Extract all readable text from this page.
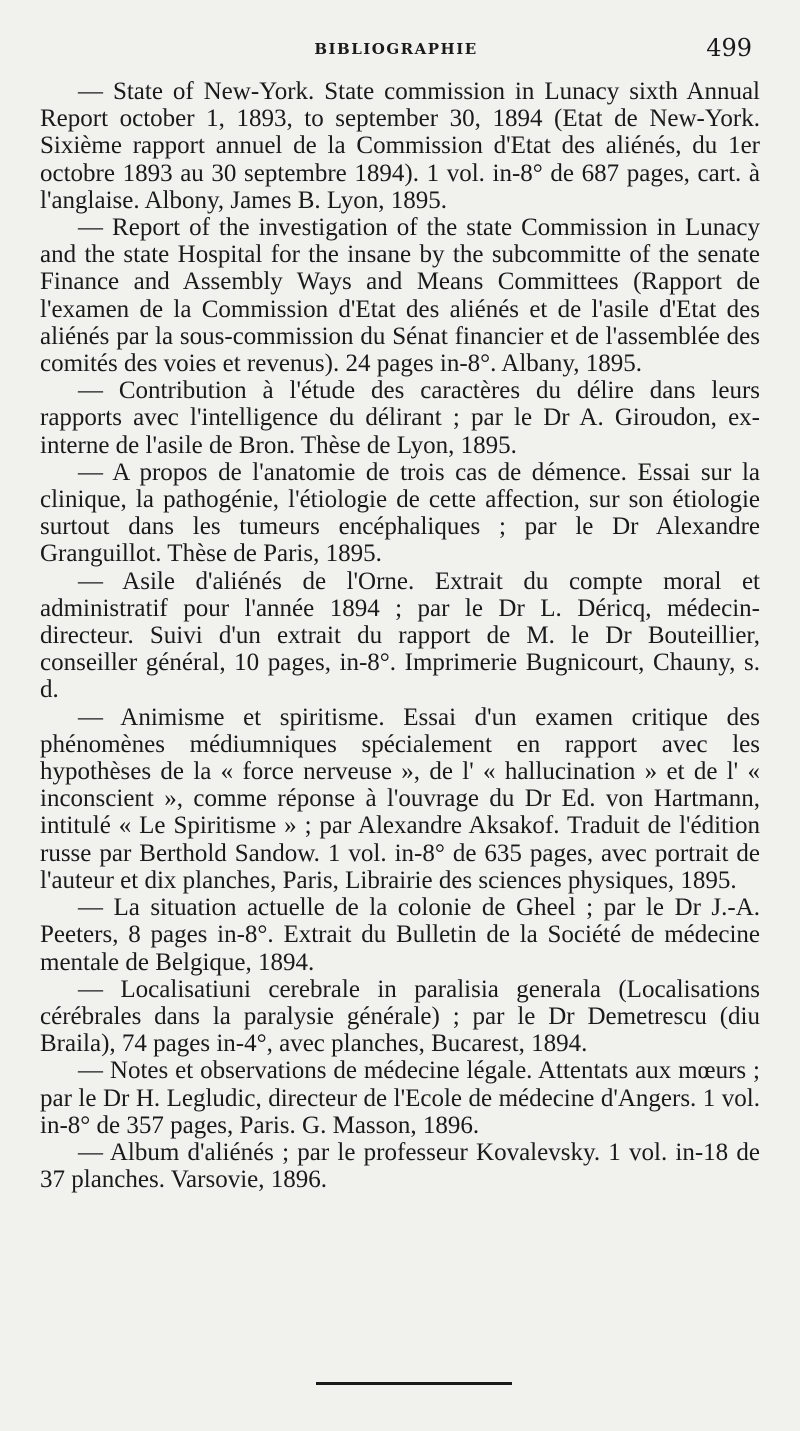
BIBLIOGRAPHIE	499

— State of New-York. State commission in Lunacy sixth Annual Report october 1, 1893, to september 30, 1894 (Etat de New-York. Sixième rapport annuel de la Commission d'Etat des aliénés, du 1er octobre 1893 au 30 septembre 1894). 1 vol. in-8° de 687 pages, cart. à l'anglaise. Albony, James B. Lyon, 1895.

— Report of the investigation of the state Commission in Lunacy and the state Hospital for the insane by the subcommitte of the senate Finance and Assembly Ways and Means Committees (Rapport de l'examen de la Commission d'Etat des aliénés et de l'asile d'Etat des aliénés par la sous-commission du Sénat financier et de l'assemblée des comités des voies et revenus). 24 pages in-8°. Albany, 1895.

— Contribution à l'étude des caractères du délire dans leurs rapports avec l'intelligence du délirant ; par le Dr A. Giroudon, ex-interne de l'asile de Bron. Thèse de Lyon, 1895.

— A propos de l'anatomie de trois cas de démence. Essai sur la clinique, la pathogénie, l'étiologie de cette affection, sur son étiologie surtout dans les tumeurs encéphaliques ; par le Dr Alexandre Granguillot. Thèse de Paris, 1895.

— Asile d'aliénés de l'Orne. Extrait du compte moral et administratif pour l'année 1894 ; par le Dr L. Déricq, médecin-directeur. Suivi d'un extrait du rapport de M. le Dr Bouteillier, conseiller général, 10 pages, in-8°. Imprimerie Bugnicourt, Chauny, s. d.

— Animisme et spiritisme. Essai d'un examen critique des phénomènes médiumniques spécialement en rapport avec les hypothèses de la « force nerveuse », de l' « hallucination » et de l' « inconscient », comme réponse à l'ouvrage du Dr Ed. von Hartmann, intitulé « Le Spiritisme » ; par Alexandre Aksakof. Traduit de l'édition russe par Berthold Sandow. 1 vol. in-8° de 635 pages, avec portrait de l'auteur et dix planches, Paris, Librairie des sciences physiques, 1895.

— La situation actuelle de la colonie de Gheel ; par le Dr J.-A. Peeters, 8 pages in-8°. Extrait du Bulletin de la Société de médecine mentale de Belgique, 1894.

— Localisatiuni cerebrale in paralisia generala (Localisations cérébrales dans la paralysie générale) ; par le Dr Demetrescu (diu Braila), 74 pages in-4°, avec planches, Bucarest, 1894.

— Notes et observations de médecine légale. Attentats aux mœurs ; par le Dr H. Legludic, directeur de l'Ecole de médecine d'Angers. 1 vol. in-8° de 357 pages, Paris. G. Masson, 1896.

— Album d'aliénés ; par le professeur Kovalevsky. 1 vol. in-18 de 37 planches. Varsovie, 1896.
